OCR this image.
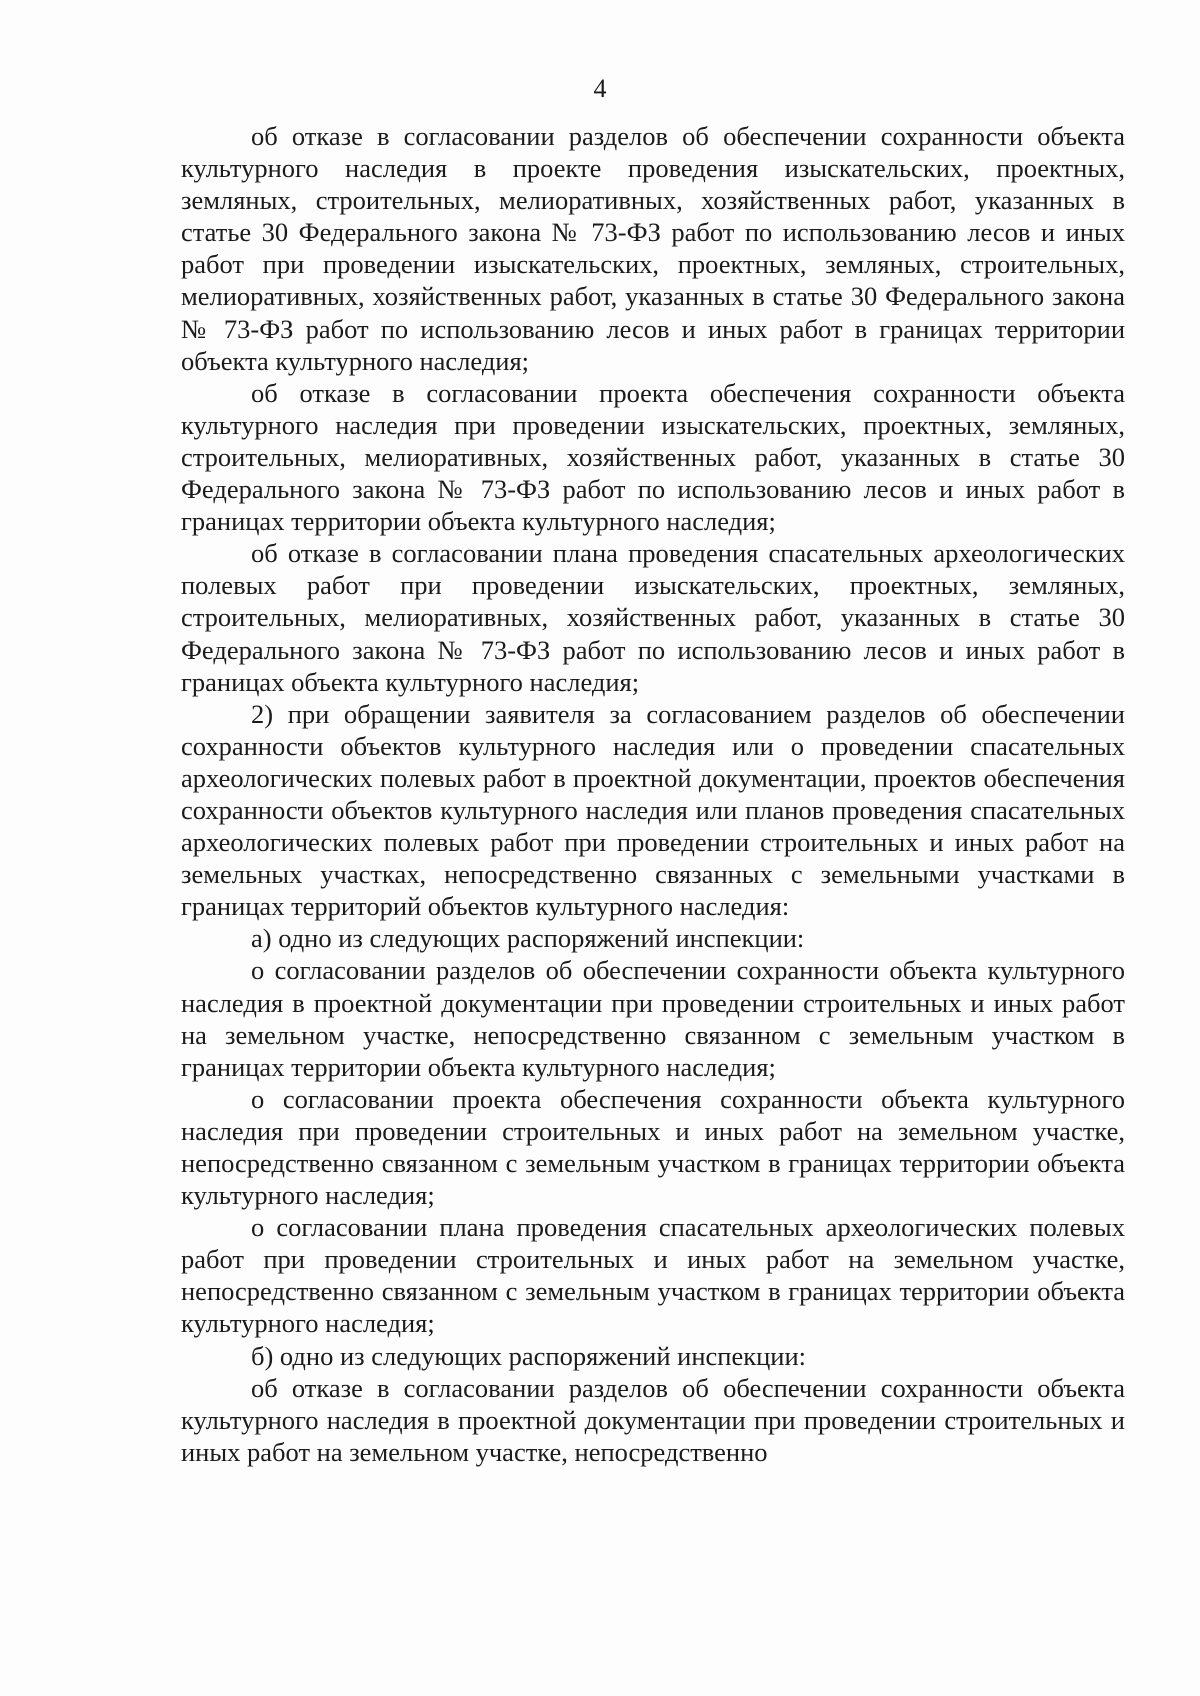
4

об отказе в согласовании разделов об обеспечении сохранности объекта культурного наследия в проекте проведения изыскательских, проектных, земляных, строительных, мелиоративных, хозяйственных работ, указанных в статье 30 Федерального закона № 73-ФЗ работ по использованию лесов и иных работ при проведении изыскательских, проектных, земляных, строительных, мелиоративных, хозяйственных работ, указанных в статье 30 Федерального закона № 73-ФЗ работ по использованию лесов и иных работ в границах территории объекта культурного наследия;

об отказе в согласовании проекта обеспечения сохранности объекта культурного наследия при проведении изыскательских, проектных, земляных, строительных, мелиоративных, хозяйственных работ, указанных в статье 30 Федерального закона № 73-ФЗ работ по использованию лесов и иных работ в границах территории объекта культурного наследия;

об отказе в согласовании плана проведения спасательных археологических полевых работ при проведении изыскательских, проектных, земляных, строительных, мелиоративных, хозяйственных работ, указанных в статье 30 Федерального закона № 73-ФЗ работ по использованию лесов и иных работ в границах объекта культурного наследия;

2) при обращении заявителя за согласованием разделов об обеспечении сохранности объектов культурного наследия или о проведении спасательных археологических полевых работ в проектной документации, проектов обеспечения сохранности объектов культурного наследия или планов проведения спасательных археологических полевых работ при проведении строительных и иных работ на земельных участках, непосредственно связанных с земельными участками в границах территорий объектов культурного наследия:

а) одно из следующих распоряжений инспекции:

о согласовании разделов об обеспечении сохранности объекта культурного наследия в проектной документации при проведении строительных и иных работ на земельном участке, непосредственно связанном с земельным участком в границах территории объекта культурного наследия;

о согласовании проекта обеспечения сохранности объекта культурного наследия при проведении строительных и иных работ на земельном участке, непосредственно связанном с земельным участком в границах территории объекта культурного наследия;

о согласовании плана проведения спасательных археологических полевых работ при проведении строительных и иных работ на земельном участке, непосредственно связанном с земельным участком в границах территории объекта культурного наследия;

б) одно из следующих распоряжений инспекции:

об отказе в согласовании разделов об обеспечении сохранности объекта культурного наследия в проектной документации при проведении строительных и иных работ на земельном участке, непосредственно
